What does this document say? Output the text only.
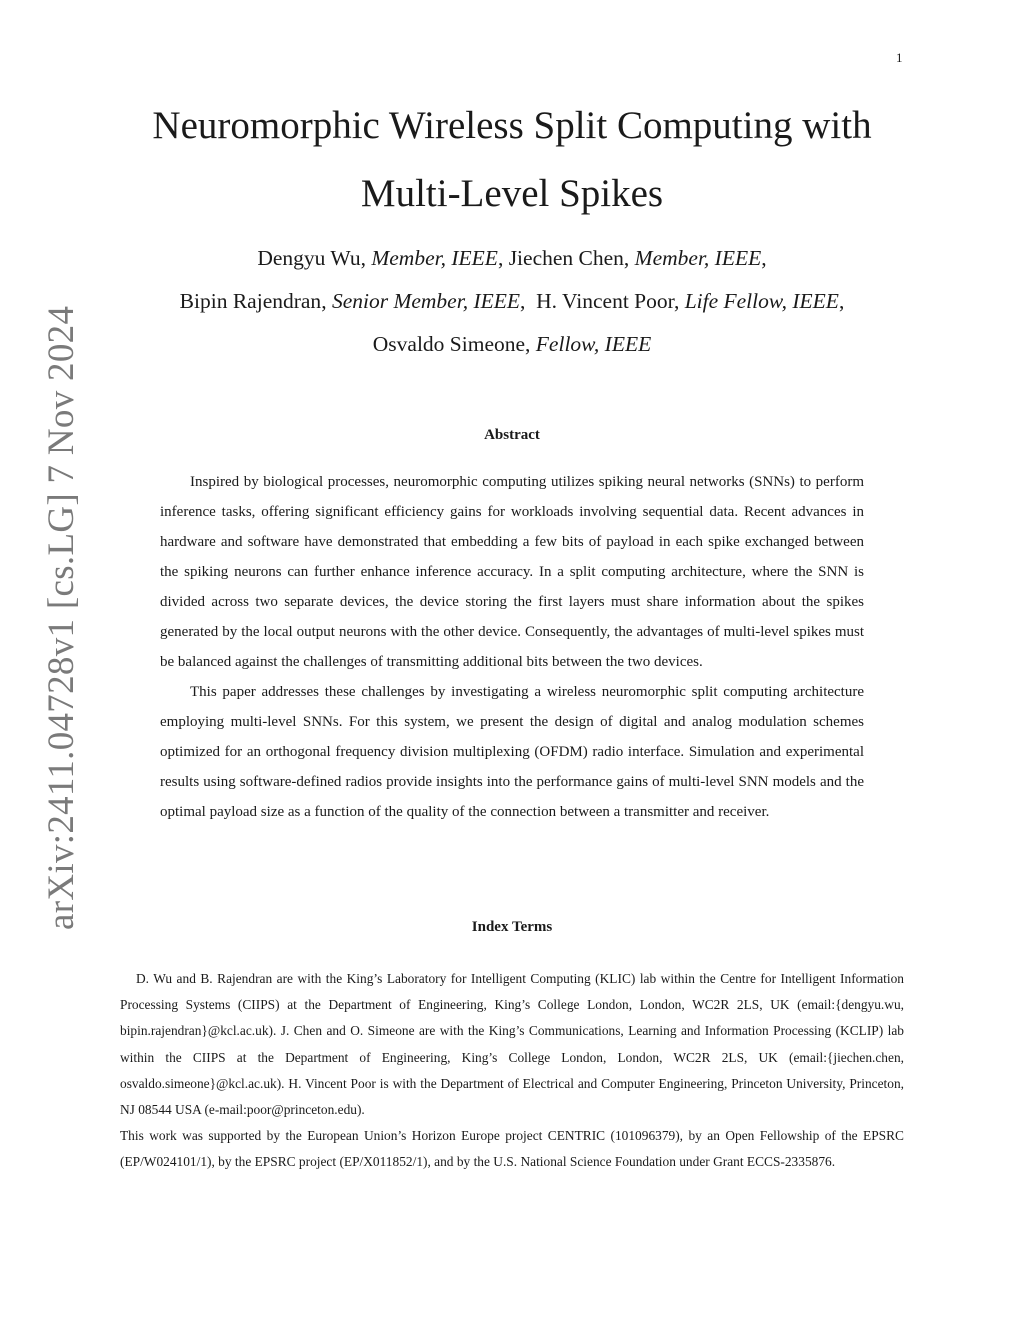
1
arXiv:2411.04728v1 [cs.LG] 7 Nov 2024
Neuromorphic Wireless Split Computing with
Multi-Level Spikes
Dengyu Wu, Member, IEEE, Jiechen Chen, Member, IEEE,
Bipin Rajendran, Senior Member, IEEE,  H. Vincent Poor, Life Fellow, IEEE,
Osvaldo Simeone, Fellow, IEEE
Abstract

Inspired by biological processes, neuromorphic computing utilizes spiking neural networks (SNNs) to perform inference tasks, offering significant efficiency gains for workloads involving sequential data. Recent advances in hardware and software have demonstrated that embedding a few bits of payload in each spike exchanged between the spiking neurons can further enhance inference accuracy. In a split computing architecture, where the SNN is divided across two separate devices, the device storing the first layers must share information about the spikes generated by the local output neurons with the other device. Consequently, the advantages of multi-level spikes must be balanced against the challenges of transmitting additional bits between the two devices.

This paper addresses these challenges by investigating a wireless neuromorphic split computing architecture employing multi-level SNNs. For this system, we present the design of digital and analog modulation schemes optimized for an orthogonal frequency division multiplexing (OFDM) radio interface. Simulation and experimental results using software-defined radios provide insights into the performance gains of multi-level SNN models and the optimal payload size as a function of the quality of the connection between a transmitter and receiver.

Index Terms

D. Wu and B. Rajendran are with the King’s Laboratory for Intelligent Computing (KLIC) lab within the Centre for Intelligent Information Processing Systems (CIIPS) at the Department of Engineering, King’s College London, London, WC2R 2LS, UK (email:{dengyu.wu, bipin.rajendran}@kcl.ac.uk). J. Chen and O. Simeone are with the King’s Communications, Learning and Information Processing (KCLIP) lab within the CIIPS at the Department of Engineering, King’s College London, London, WC2R 2LS, UK (email:{jiechen.chen, osvaldo.simeone}@kcl.ac.uk). H. Vincent Poor is with the Department of Electrical and Computer Engineering, Princeton University, Princeton, NJ 08544 USA (e-mail:poor@princeton.edu).

This work was supported by the European Union’s Horizon Europe project CENTRIC (101096379), by an Open Fellowship of the EPSRC (EP/W024101/1), by the EPSRC project (EP/X011852/1), and by the U.S. National Science Foundation under Grant ECCS-2335876.
